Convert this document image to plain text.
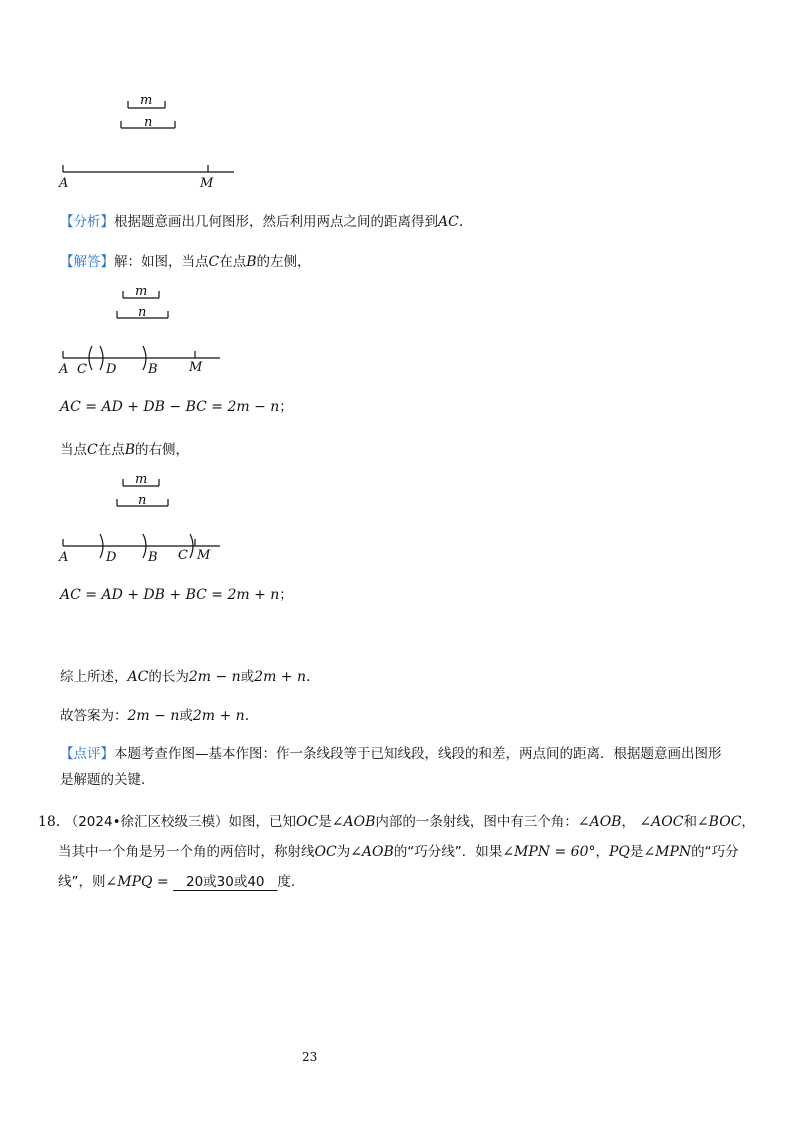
m
n
A	M
【分析】根据题意画出几何图形，然后利用两点之间的距离得到AC.
【解答】解：如图，当点C在点B的左侧，
m
n
A C D B M
AC = AD + DB − BC = 2m − n；
当点C在点B的右侧，
m
n
A	D B C M
AC = AD + DB + BC = 2m + n；
综上所述，AC的长为2m − n或2m + n.
故答案为：2m − n或2m + n.
【点评】本题考查作图—基本作图：作一条线段等于已知线段，线段的和差，两点间的距离．根据题意画出图形
是解题的关键.
18. （2024•徐汇区校级三模）如图，已知OC是∠AOB内部的一条射线，图中有三个角：∠AOB， ∠AOC和∠BOC，
当其中一个角是另一个角的两倍时，称射线OC为∠AOB的“巧分线”．如果∠MPN = 60°，PQ是∠MPN的“巧分
线”，则∠MPQ = 20或30或40 度.
23
